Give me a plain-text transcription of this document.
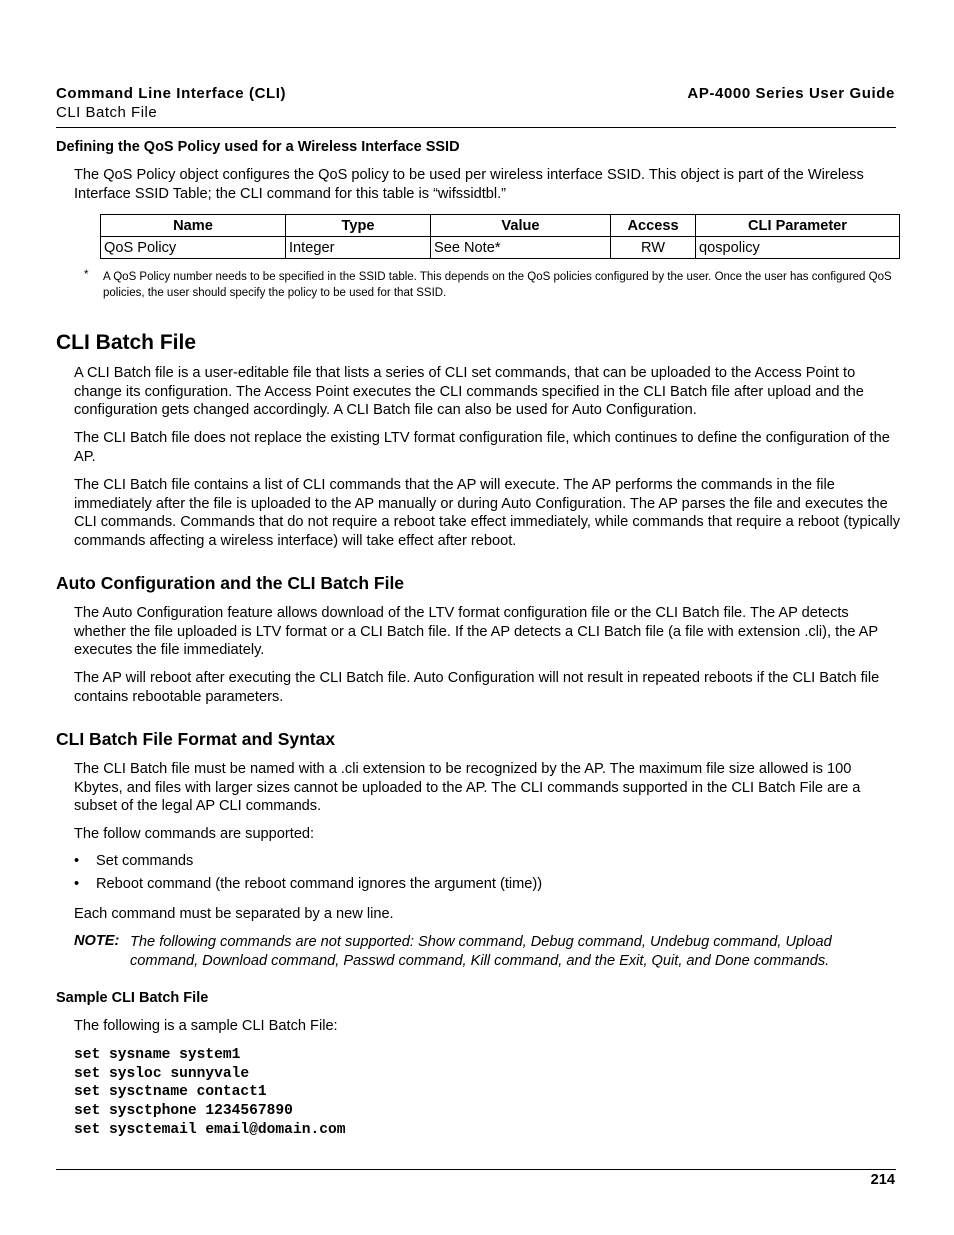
Command Line Interface (CLI)
CLI Batch File
AP-4000 Series User Guide
Defining the QoS Policy used for a Wireless Interface SSID

The QoS Policy object configures the QoS policy to be used per wireless interface SSID. This object is part of the Wireless Interface SSID Table; the CLI command for this table is “wifssidtbl.”

Name	Type	Value	Access	CLI Parameter
QoS Policy	Integer	See Note*	RW	qospolicy
* A QoS Policy number needs to be specified in the SSID table. This depends on the QoS policies configured by the user. Once the user has configured QoS policies, the user should specify the policy to be used for that SSID.

CLI Batch File

A CLI Batch file is a user-editable file that lists a series of CLI set commands, that can be uploaded to the Access Point to change its configuration. The Access Point executes the CLI commands specified in the CLI Batch file after upload and the configuration gets changed accordingly. A CLI Batch file can also be used for Auto Configuration.

The CLI Batch file does not replace the existing LTV format configuration file, which continues to define the configuration of the AP.

The CLI Batch file contains a list of CLI commands that the AP will execute. The AP performs the commands in the file immediately after the file is uploaded to the AP manually or during Auto Configuration. The AP parses the file and executes the CLI commands. Commands that do not require a reboot take effect immediately, while commands that require a reboot (typically commands affecting a wireless interface) will take effect after reboot.

Auto Configuration and the CLI Batch File

The Auto Configuration feature allows download of the LTV format configuration file or the CLI Batch file. The AP detects whether the file uploaded is LTV format or a CLI Batch file. If the AP detects a CLI Batch file (a file with extension .cli), the AP executes the file immediately.

The AP will reboot after executing the CLI Batch file. Auto Configuration will not result in repeated reboots if the CLI Batch file contains rebootable parameters.

CLI Batch File Format and Syntax

The CLI Batch file must be named with a .cli extension to be recognized by the AP. The maximum file size allowed is 100 Kbytes, and files with larger sizes cannot be uploaded to the AP. The CLI commands supported in the CLI Batch File are a subset of the legal AP CLI commands.

The follow commands are supported:

• Set commands
• Reboot command (the reboot command ignores the argument (time))

Each command must be separated by a new line.

NOTE: The following commands are not supported: Show command, Debug command, Undebug command, Upload command, Download command, Passwd command, Kill command, and the Exit, Quit, and Done commands.

Sample CLI Batch File

The following is a sample CLI Batch File:

set sysname system1
set sysloc sunnyvale
set sysctname contact1
set sysctphone 1234567890
set sysctemail email@domain.com
214
